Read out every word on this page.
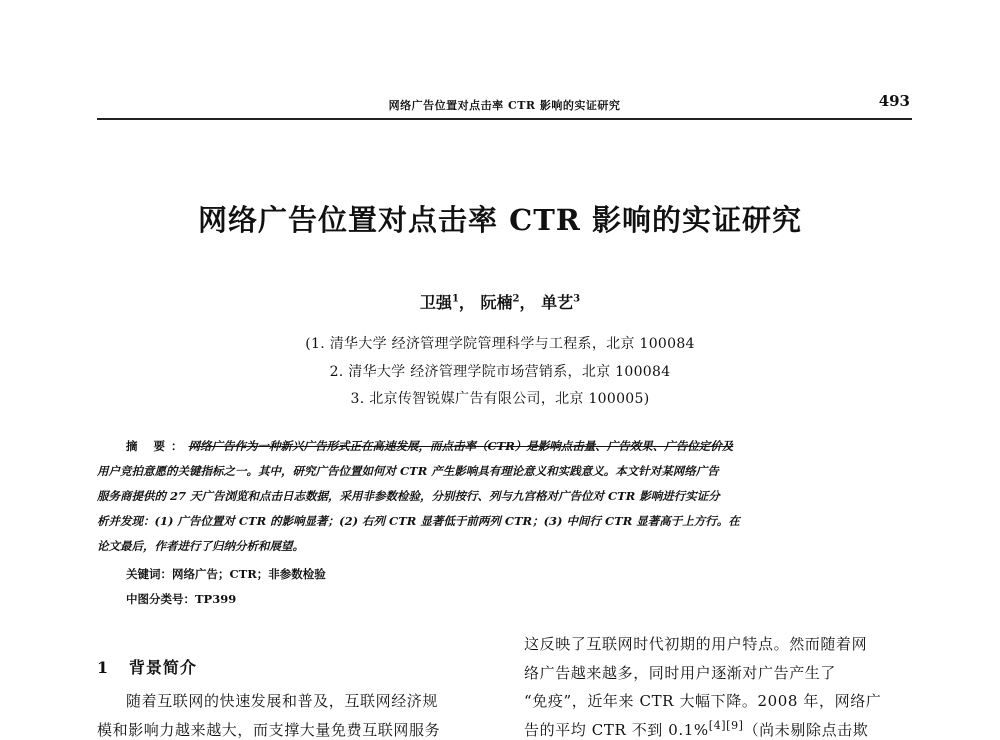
网络广告位置对点击率 CTR 影响的实证研究	493
网络广告位置对点击率 CTR 影响的实证研究
卫强$^1$， 阮楠$^2$， 单艺$^3$
(1. 清华大学 经济管理学院管理科学与工程系，北京 100084
2. 清华大学 经济管理学院市场营销系，北京 100084
3. 北京传智锐媒广告有限公司，北京 100005)
摘 要：网络广告作为一种新兴广告形式正在高速发展，而点击率（CTR）是影响点击量、广告效果、广告位定价及
用户竞拍意愿的关键指标之一。其中，研究广告位置如何对 CTR 产生影响具有理论意义和实践意义。本文针对某网络广告
服务商提供的 27 天广告浏览和点击日志数据，采用非参数检验，分别按行、列与九宫格对广告位对 CTR 影响进行实证分
析并发现：(1) 广告位置对 CTR 的影响显著；(2) 右列 CTR 显著低于前两列 CTR；(3) 中间行 CTR 显著高于上方行。在
论文最后，作者进行了归纳分析和展望。
关键词：网络广告；CTR；非参数检验
中图分类号：TP399
1 背景简介
随着互联网的快速发展和普及，互联网经济规
模和影响力越来越大，而支撑大量免费互联网服务
这反映了互联网时代初期的用户特点。然而随着网
络广告越来越多，同时用户逐渐对广告产生了
“免疫”，近年来 CTR 大幅下降。2008 年，网络广
告的平均 CTR 不到 0.1%[4][9]（尚未剔除点击欺
